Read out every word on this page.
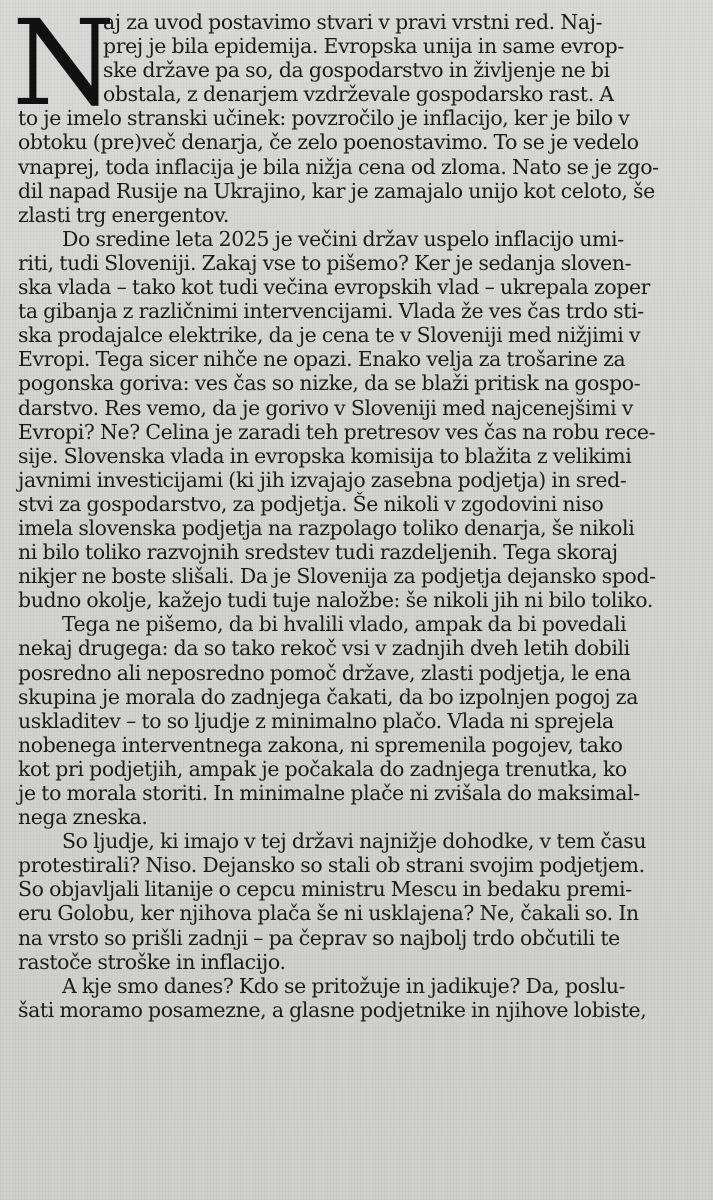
N
aj za uvod postavimo stvari v pravi vrstni red. Naj-
prej je bila epidemija. Evropska unija in same evrop-
ske države pa so, da gospodarstvo in življenje ne bi
obstala, z denarjem vzdrževale gospodarsko rast. A
to je imelo stranski učinek: povzročilo je inflacijo, ker je bilo v
obtoku (pre)več denarja, če zelo poenostavimo. To se je vedelo
vnaprej, toda inflacija je bila nižja cena od zloma. Nato se je zgo-
dil napad Rusije na Ukrajino, kar je zamajalo unijo kot celoto, še
zlasti trg energentov.
Do sredine leta 2025 je večini držav uspelo inflacijo umi-
riti, tudi Sloveniji. Zakaj vse to pišemo? Ker je sedanja sloven-
ska vlada – tako kot tudi večina evropskih vlad – ukrepala zoper
ta gibanja z različnimi intervencijami. Vlada že ves čas trdo sti-
ska prodajalce elektrike, da je cena te v Sloveniji med nižjimi v
Evropi. Tega sicer nihče ne opazi. Enako velja za trošarine za
pogonska goriva: ves čas so nizke, da se blaži pritisk na gospo-
darstvo. Res vemo, da je gorivo v Sloveniji med najcenejšimi v
Evropi? Ne? Celina je zaradi teh pretresov ves čas na robu rece-
sije. Slovenska vlada in evropska komisija to blažita z velikimi
javnimi investicijami (ki jih izvajajo zasebna podjetja) in sred-
stvi za gospodarstvo, za podjetja. Še nikoli v zgodovini niso
imela slovenska podjetja na razpolago toliko denarja, še nikoli
ni bilo toliko razvojnih sredstev tudi razdeljenih. Tega skoraj
nikjer ne boste slišali. Da je Slovenija za podjetja dejansko spod-
budno okolje, kažejo tudi tuje naložbe: še nikoli jih ni bilo toliko.
Tega ne pišemo, da bi hvalili vlado, ampak da bi povedali
nekaj drugega: da so tako rekoč vsi v zadnjih dveh letih dobili
posredno ali neposredno pomoč države, zlasti podjetja, le ena
skupina je morala do zadnjega čakati, da bo izpolnjen pogoj za
uskladitev – to so ljudje z minimalno plačo. Vlada ni sprejela
nobenega interventnega zakona, ni spremenila pogojev, tako
kot pri podjetjih, ampak je počakala do zadnjega trenutka, ko
je to morala storiti. In minimalne plače ni zvišala do maksimal-
nega zneska.
So ljudje, ki imajo v tej državi najnižje dohodke, v tem času
protestirali? Niso. Dejansko so stali ob strani svojim podjetjem.
So objavljali litanije o cepcu ministru Mescu in bedaku premi-
eru Golobu, ker njihova plača še ni usklajena? Ne, čakali so. In
na vrsto so prišli zadnji – pa čeprav so najbolj trdo občutili te
rastoče stroške in inflacijo.
A kje smo danes? Kdo se pritožuje in jadikuje? Da, poslu-
šati moramo posamezne, a glasne podjetnike in njihove lobiste,
